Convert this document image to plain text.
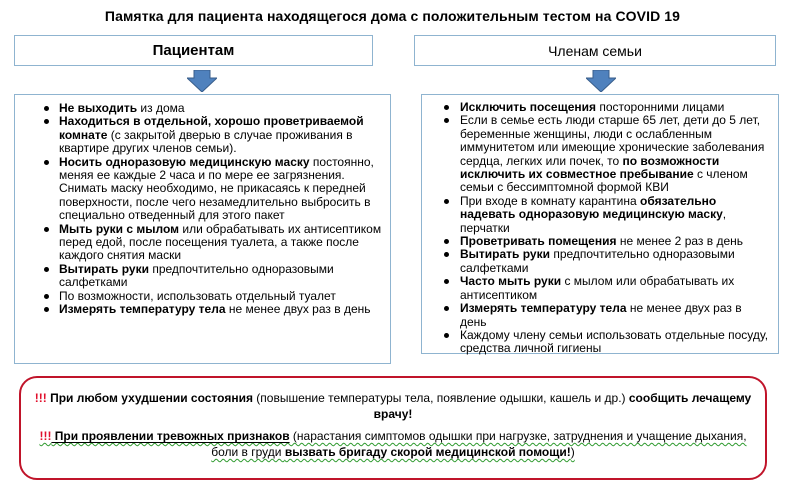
Памятка для пациента находящегося дома с положительным тестом на COVID 19
Пациентам	Членам семьи
Не выходить из дома
Находиться в отдельной, хорошо проветриваемой комнате (с закрытой дверью в случае проживания в квартире других членов семьи).
Носить одноразовую медицинскую маску постоянно, меняя ее каждые 2 часа и по мере ее загрязнения. Снимать маску необходимо, не прикасаясь к передней поверхности, после чего незамедлительно выбросить в специально отведенный для этого пакет
Мыть руки с мылом или обрабатывать их антисептиком перед едой, после посещения туалета, а также после каждого снятия маски
Вытирать руки предпочтительно одноразовыми салфетками
По возможности, использовать отдельный туалет
Измерять температуру тела не менее двух раз в день
Исключить посещения посторонними лицами
Если в семье есть люди старше 65 лет, дети до 5 лет, беременные женщины, люди с ослабленным иммунитетом или имеющие хронические заболевания сердца, легких или почек, то по возможности исключить их совместное пребывание с членом семьи с бессимптомной формой КВИ
При входе в комнату карантина обязательно надевать одноразовую медицинскую маску, перчатки
Проветривать помещения не менее 2 раз в день
Вытирать руки предпочтительно одноразовыми салфетками
Часто мыть руки с мылом или обрабатывать их антисептиком
Измерять температуру тела не менее двух раз в день
Каждому члену семьи использовать отдельные посуду, средства личной гигиены

!!! При любом ухудшении состояния (повышение температуры тела, появление одышки, кашель и др.) сообщить лечащему врачу!

!!! При проявлении тревожных признаков (нарастания симптомов одышки при нагрузке, затруднения и учащение дыхания, боли в груди вызвать бригаду скорой медицинской помощи!)
